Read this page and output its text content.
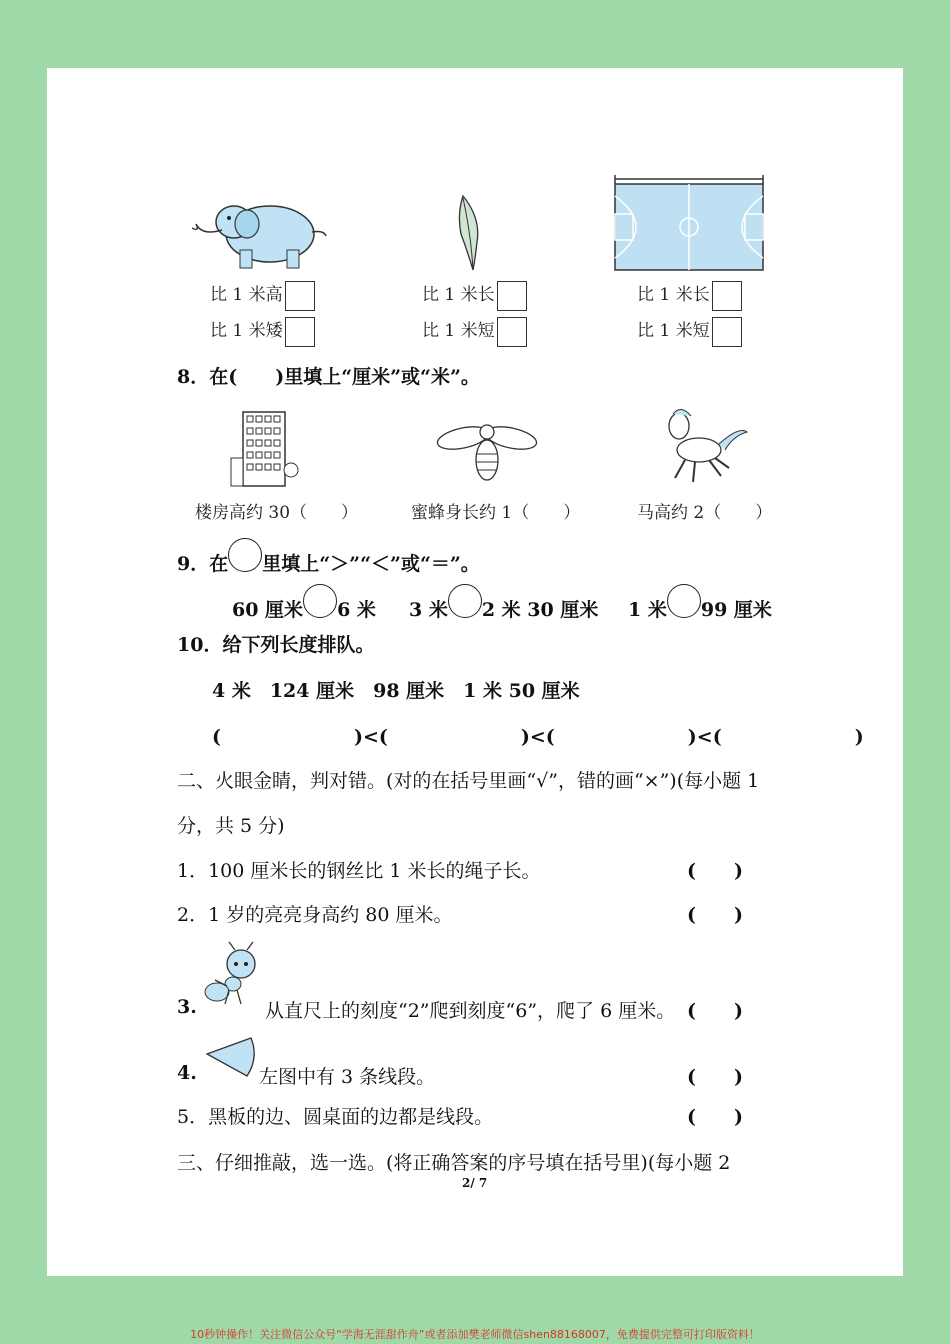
比 1 米高
比 1 米矮
比 1 米长
比 1 米短
比 1 米长
比 1 米短
8．在(　　)里填上“厘米”或“米”。
楼房高约 30（　　）	蜜蜂身长约 1（　　）	马高约 2（　　）
9．在 里填上“＞”“＜”或“＝”。
60 厘米 6 米 3 米 2 米 30 厘米 1 米 99 厘米
10．给下列长度排队。
4 米　124 厘米　98 厘米　1 米 50 厘米
(　　　　　　　)<(　　　　　　　)<(　　　　　　　)<(　　　　　　　)
二、火眼金睛，判对错。(对的在括号里画“√”，错的画“×”)(每小题 1
分，共 5 分)
1．100 厘米长的钢丝比 1 米长的绳子长。	(　　)
2．1 岁的亮亮身高约 80 厘米。	(　　)
3.	从直尺上的刻度“2”爬到刻度“6”，爬了 6 厘米。 (　　)
4.	左图中有 3 条线段。	(　　)
5．黑板的边、圆桌面的边都是线段。	(　　)
三、仔细推敲，选一选。(将正确答案的序号填在括号里)(每小题 2
2/ 7
10秒钟操作！关注微信公众号“学海无涯甜作舟”或者添加樊老师微信shen88168007，免费提供完整可打印版资料！
